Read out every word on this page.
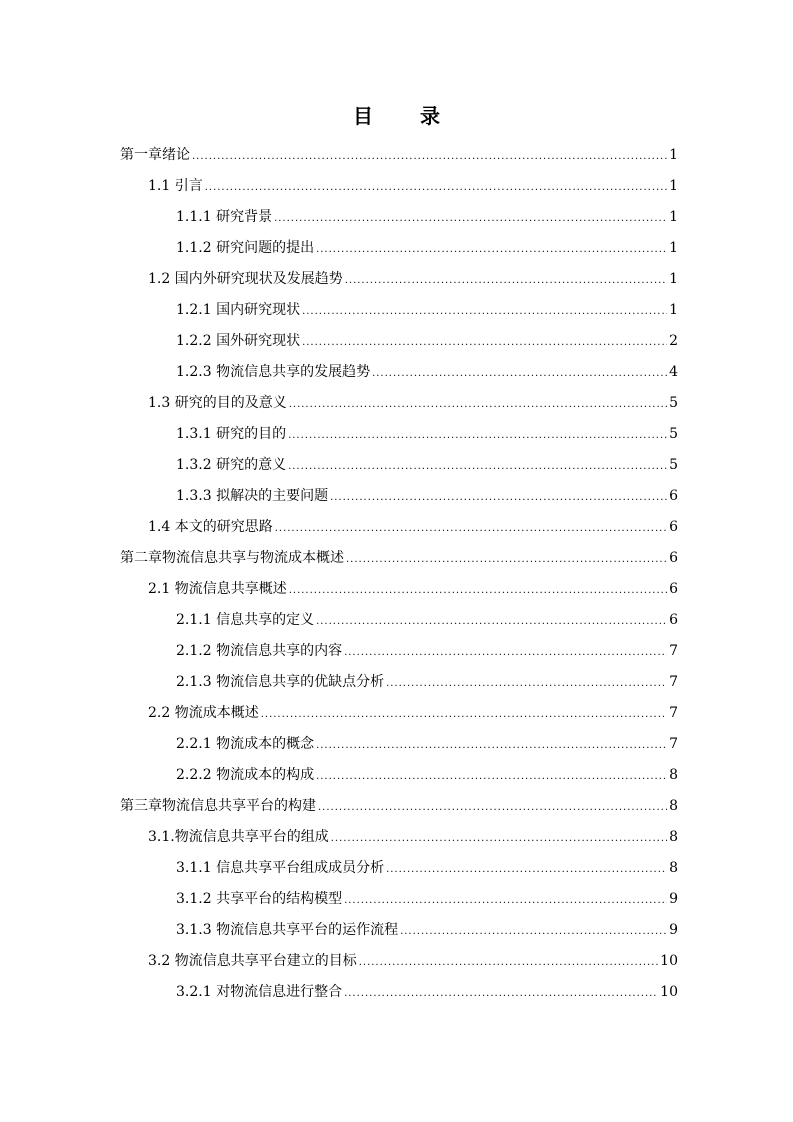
目 录
第一章绪论 .....	1
1.1 引言 .....	1
1.1.1 研究背景 .....	1
1.1.2 研究问题的提出 .....	1
1.2 国内外研究现状及发展趋势 .....	1
1.2.1 国内研究现状 .....	1
1.2.2 国外研究现状 .....	2
1.2.3 物流信息共享的发展趋势 .....	4
1.3 研究的目的及意义 .....	5
1.3.1 研究的目的 .....	5
1.3.2 研究的意义 .....	5
1.3.3 拟解决的主要问题 .....	6
1.4 本文的研究思路 .....	6
第二章物流信息共享与物流成本概述 .....	6
2.1 物流信息共享概述 .....	6
2.1.1 信息共享的定义 .....	6
2.1.2 物流信息共享的内容 .....	7
2.1.3 物流信息共享的优缺点分析 .....	7
2.2 物流成本概述 .....	7
2.2.1 物流成本的概念 .....	7
2.2.2 物流成本的构成 .....	8
第三章物流信息共享平台的构建 .....	8
3.1.物流信息共享平台的组成 .....	8
3.1.1 信息共享平台组成成员分析 .....	8
3.1.2 共享平台的结构模型 .....	9
3.1.3 物流信息共享平台的运作流程 .....	9
3.2 物流信息共享平台建立的目标 .....	10
3.2.1 对物流信息进行整合 .....	10
